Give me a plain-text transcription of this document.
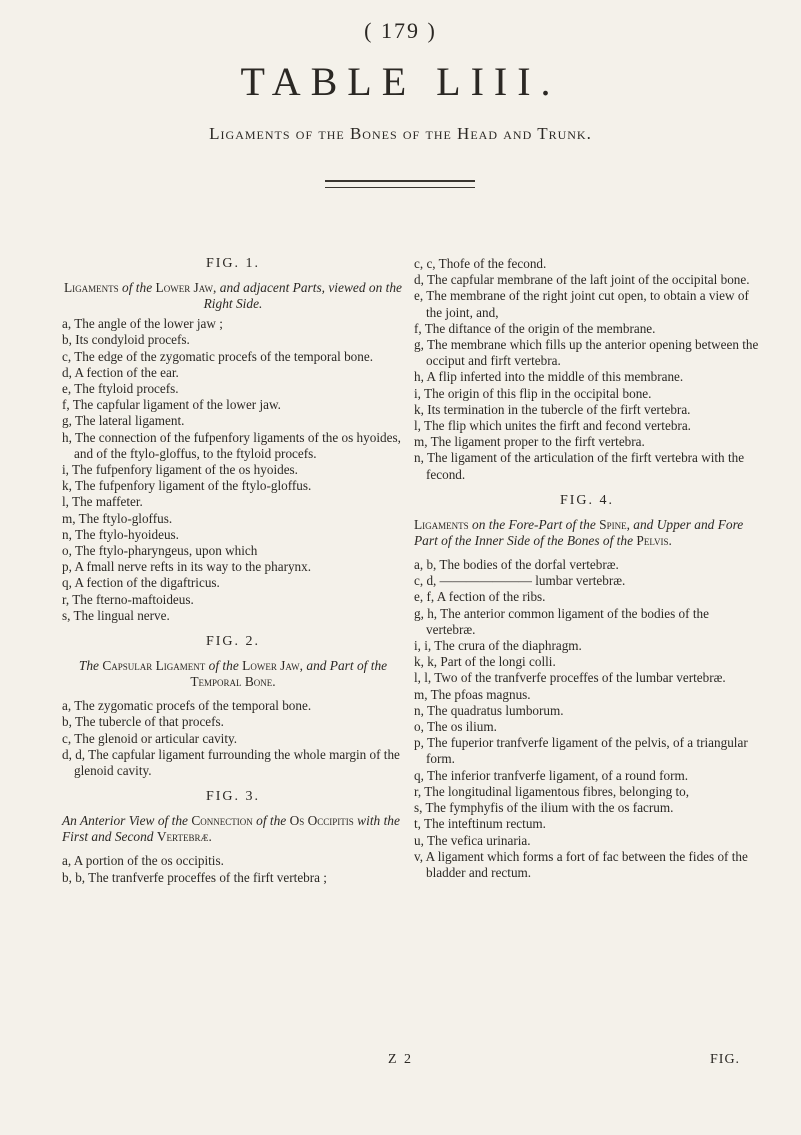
( 179 )
TABLE LIII.
Ligaments of the Bones of the Head and Trunk.
FIG. 1.
Ligaments of the Lower Jaw, and adjacent Parts, viewed on the Right Side.

a, The angle of the lower jaw ;

b, Its condyloid procefs.

c, The edge of the zygomatic procefs of the temporal bone.

d, A fection of the ear.

e, The ftyloid procefs.

f, The capfular ligament of the lower jaw.

g, The lateral ligament.

h, The connection of the fufpenfory ligaments of the os hyoides, and of the ftylo-gloffus, to the ftyloid procefs.

i, The fufpenfory ligament of the os hyoides.

k, The fufpenfory ligament of the ftylo-gloffus.

l, The maffeter.

m, The ftylo-gloffus.

n, The ftylo-hyoideus.

o, The ftylo-pharyngeus, upon which

p, A fmall nerve refts in its way to the pharynx.

q, A fection of the digaftricus.

r, The fterno-maftoideus.

s, The lingual nerve.

FIG. 2.
The Capsular Ligament of the Lower Jaw, and Part of the Temporal Bone.

a, The zygomatic procefs of the temporal bone.

b, The tubercle of that procefs.

c, The glenoid or articular cavity.

d, d, The capfular ligament furrounding the whole margin of the glenoid cavity.

FIG. 3.
An Anterior View of the Connection of the Os Occipitis with the First and Second Vertebræ.

a, A portion of the os occipitis.

b, b, The tranfverfe proceffes of the firft vertebra ;

c, c, Thofe of the fecond.

d, The capfular membrane of the laft joint of the occipital bone.

e, The membrane of the right joint cut open, to obtain a view of the joint, and,

f, The diftance of the origin of the membrane.

g, The membrane which fills up the anterior opening between the occiput and firft vertebra.

h, A flip inferted into the middle of this membrane.

i, The origin of this flip in the occipital bone.

k, Its termination in the tubercle of the firft vertebra.

l, The flip which unites the firft and fecond vertebra.

m, The ligament proper to the firft vertebra.

n, The ligament of the articulation of the firft vertebra with the fecond.

FIG. 4.
Ligaments on the Fore-Part of the Spine, and Upper and Fore Part of the Inner Side of the Bones of the Pelvis.

a, b, The bodies of the dorfal vertebræ.

c, d, ——————— lumbar vertebræ.

e, f, A fection of the ribs.

g, h, The anterior common ligament of the bodies of the vertebræ.

i, i, The crura of the diaphragm.

k, k, Part of the longi colli.

l, l, Two of the tranfverfe proceffes of the lumbar vertebræ.

m, The pfoas magnus.

n, The quadratus lumborum.

o, The os ilium.

p, The fuperior tranfverfe ligament of the pelvis, of a triangular form.

q, The inferior tranfverfe ligament, of a round form.

r, The longitudinal ligamentous fibres, belonging to,

s, The fymphyfis of the ilium with the os facrum.

t, The inteftinum rectum.

u, The vefica urinaria.

v, A ligament which forms a fort of fac between the fides of the bladder and rectum.

Z 2	FIG.
